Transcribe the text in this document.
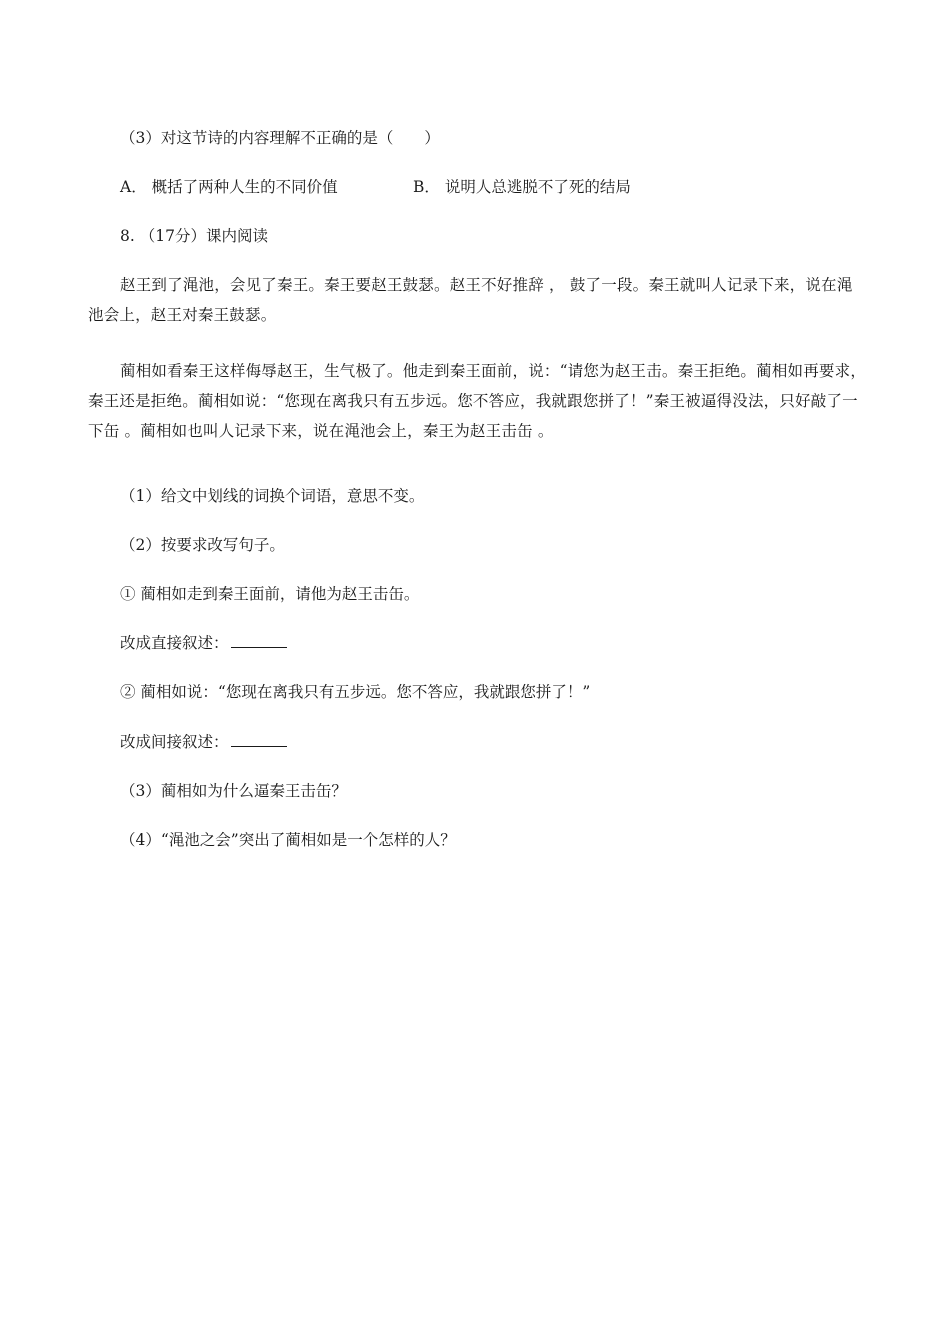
（3）对这节诗的内容理解不正确的是（　　）
A． 概括了两种人生的不同价值	B． 说明人总逃脱不了死的结局
8. （17分）课内阅读
赵王到了渑池，会见了秦王。秦王要赵王鼓瑟。赵王不好推辞 ， 鼓了一段。秦王就叫人记录下来，说在渑池会上，赵王对秦王鼓瑟。
蔺相如看秦王这样侮辱赵王，生气极了。他走到秦王面前，说：“请您为赵王击。秦王拒绝。蔺相如再要求，秦王还是拒绝。蔺相如说：“您现在离我只有五步远。您不答应，我就跟您拼了！”秦王被逼得没法，只好敲了一下缶 。蔺相如也叫人记录下来，说在渑池会上，秦王为赵王击缶 。
（1）给文中划线的词换个词语，意思不变。
（2）按要求改写句子。
① 蔺相如走到秦王面前，请他为赵王击缶。
改成直接叙述：
② 蔺相如说：“您现在离我只有五步远。您不答应，我就跟您拼了！”
改成间接叙述：
（3）蔺相如为什么逼秦王击缶？
（4）“渑池之会”突出了蔺相如是一个怎样的人？
